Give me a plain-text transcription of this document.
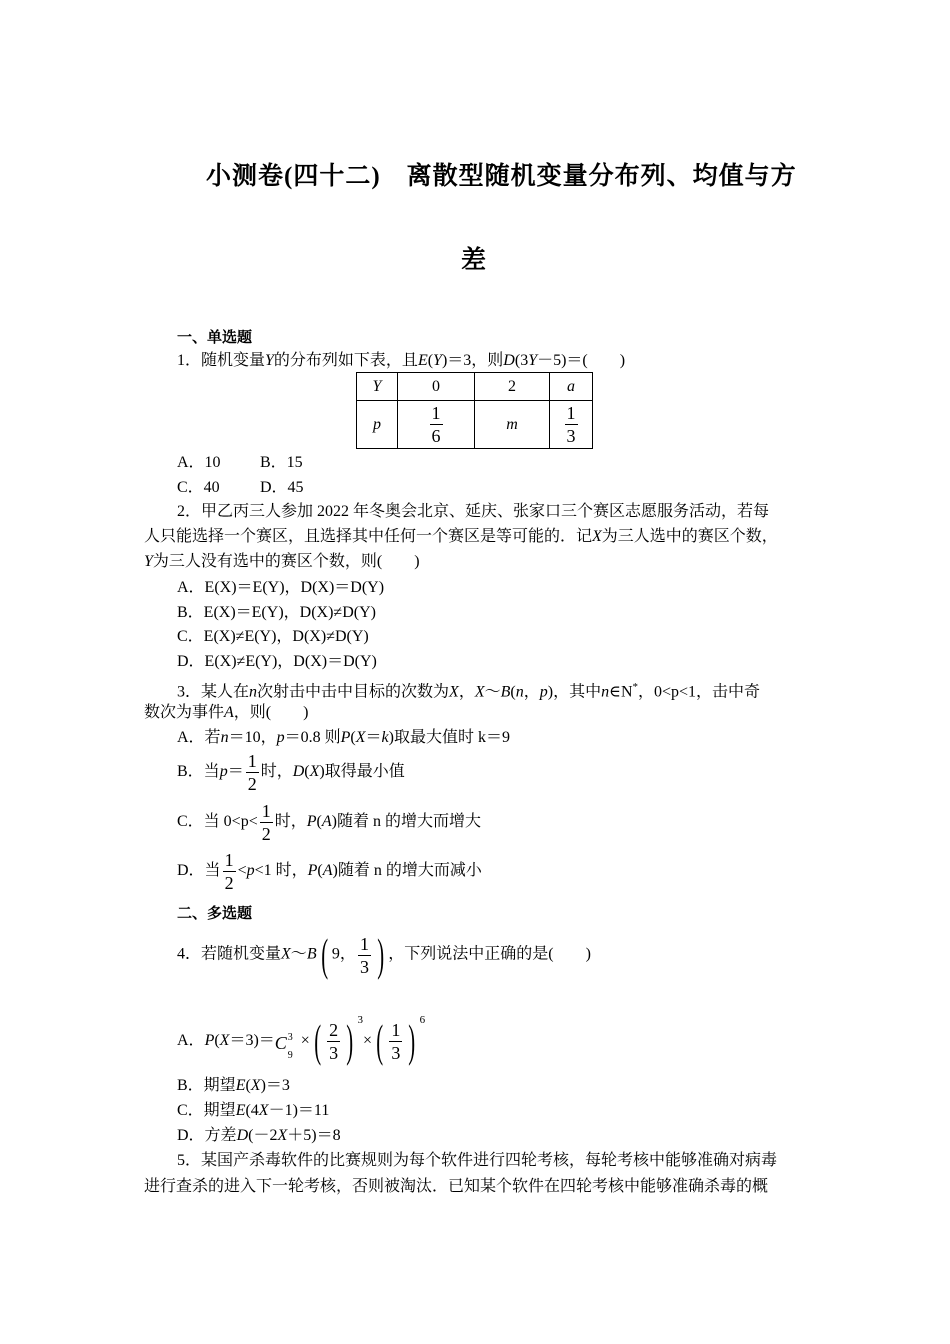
小测卷(四十二)　离散型随机变量分布列、均值与方
差
一、单选题
1．随机变量Y的分布列如下表，且E(Y)＝3，则D(3Y－5)＝(　　)
Y	0	2	a
p	$\frac{1}{6}$	m	$\frac{1}{3}$
A．10 B．15
C．40	D．45
2．甲乙丙三人参加 2022 年冬奥会北京、延庆、张家口三个赛区志愿服务活动，若每
人只能选择一个赛区，且选择其中任何一个赛区是等可能的．记X为三人选中的赛区个数，
Y为三人没有选中的赛区个数，则(　　)
A．E(X)＝E(Y)，D(X)＝D(Y)
B．E(X)＝E(Y)，D(X)≠D(Y)
C．E(X)≠E(Y)，D(X)≠D(Y)
D．E(X)≠E(Y)，D(X)＝D(Y)
3．某人在n次射击中击中目标的次数为X，X～B(n，p)，其中n∈N*，0<p<1，击中奇
数次为事件A，则(　　)
A．若n＝10，p＝0.8 则P(X＝k)取最大值时 k＝9
B．当$p= \frac{1}{2}$ 时，D(X)取得最小值
C．当 $0<p< \frac{1}{2}$ 时，P(A)随着 n 的增大而增大
D．当 $\frac{1}{2} <p<1$ 时，P(A)随着 n 的增大而减小
二、多选题
4．若随机变量X～B( 9， $\frac{1}{3}$ ) ，下列说法中正确的是(　　)
A．P(X＝3)＝ C 3
9
×( $\frac{2}{3}$ ) $^3\times( \frac{1}{3}$ ) $^6$
B．期望E(X)＝3
C．期望E(4X－1)＝11
D．方差D(－2X＋5)＝8
5．某国产杀毒软件的比赛规则为每个软件进行四轮考核，每轮考核中能够准确对病毒
进行查杀的进入下一轮考核，否则被淘汰．已知某个软件在四轮考核中能够准确杀毒的概
